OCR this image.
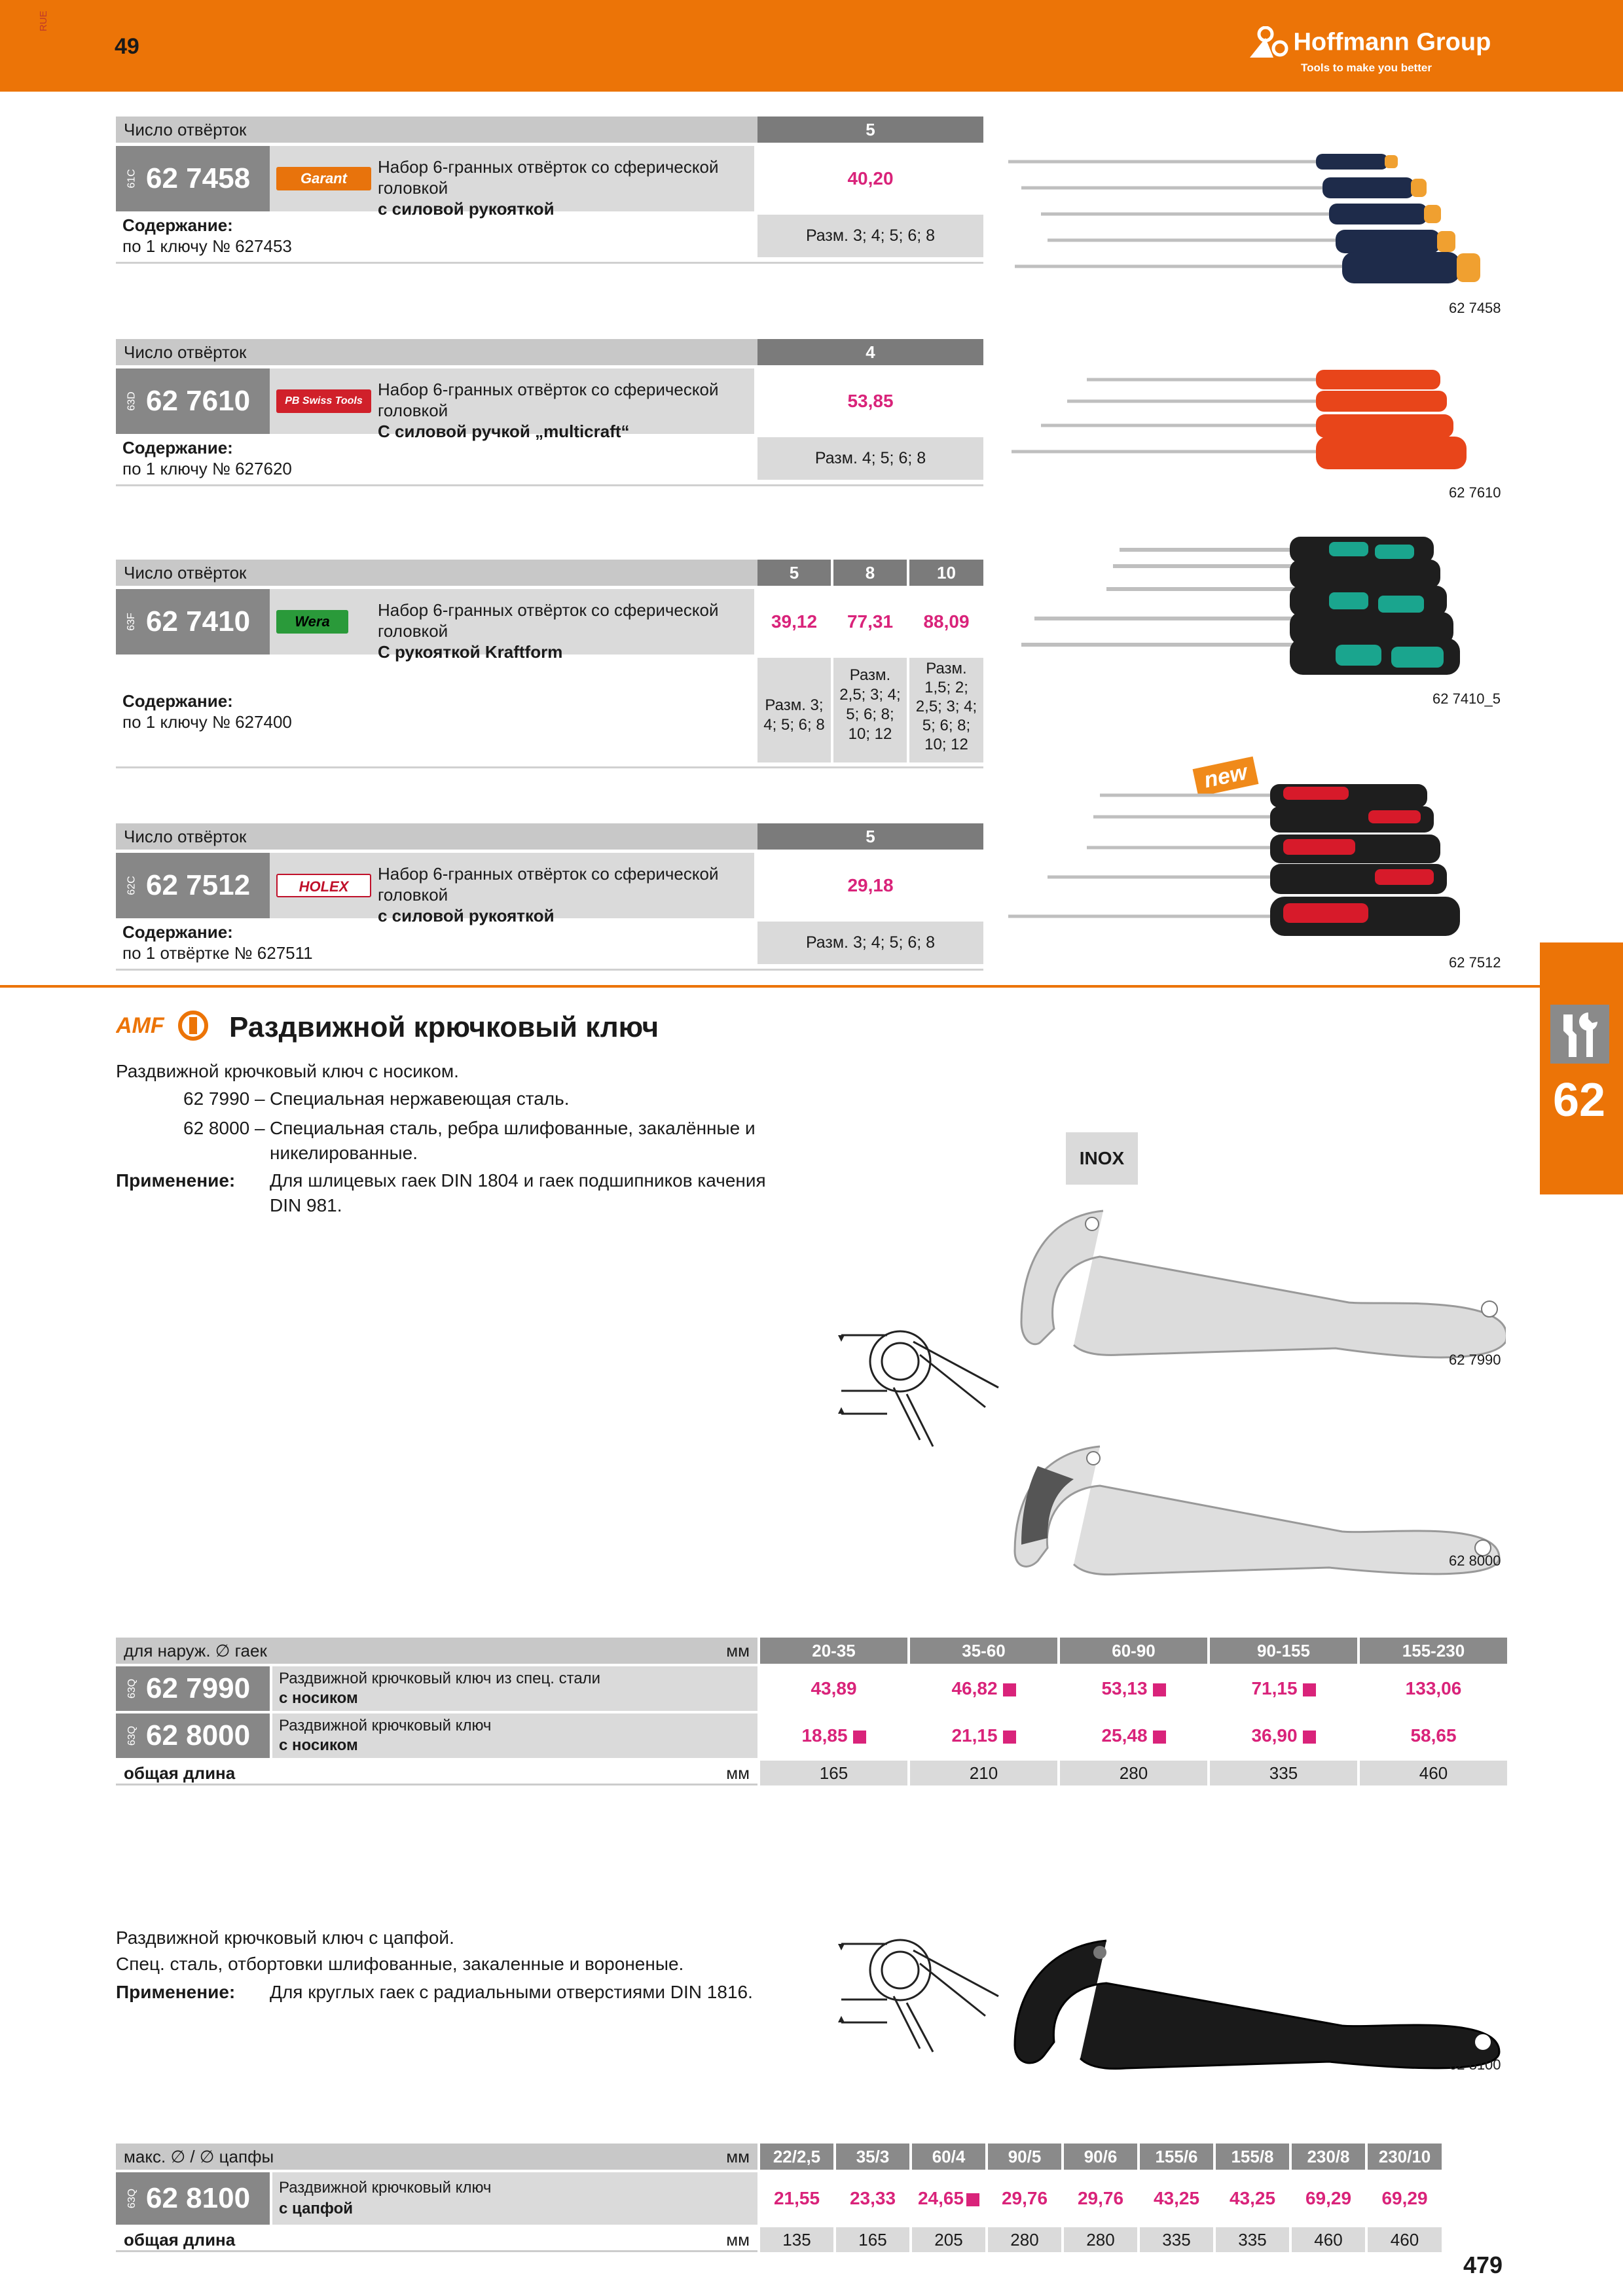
RUE
49	Hoffmann Group
Tools to make you better
Число отвёрток	5
61C 62 7458	Garant
Набор 6-гранных отвёрток со сферической головкой
с силовой рукояткой
40,20
Содержание:
по 1 ключу № 627453
Разм. 3; 4; 5; 6; 8
62 7458
Число отвёрток	4
63D 62 7610	PB Swiss Tools
Набор 6-гранных отвёрток со сферической головкой
С силовой ручкой „multicraft“
53,85
Содержание:
по 1 ключу № 627620
Разм. 4; 5; 6; 8
62 7610
Число отвёрток	5	8	10
63F 62 7410	Wera
Набор 6-гранных отвёрток со сферической головкой
С рукояткой Kraftform
39,12	77,31	88,09
Содержание:
по 1 ключу № 627400
Разм. 3; 4; 5; 6; 8
Разм. 2,5; 3; 4; 5; 6; 8; 10; 12
Разм. 1,5; 2; 2,5; 3; 4; 5; 6; 8; 10; 12
62 7410_5
Число отвёрток	5
62C 62 7512	HOLEX
Набор 6-гранных отвёрток со сферической головкой
с силовой рукояткой
29,18
Содержание:
по 1 отвёртке № 627511
Разм. 3; 4; 5; 6; 8
new
62 7512
62
AMF Раздвижной крючковый ключ
Раздвижной крючковый ключ с носиком.
62 7990 – Специальная нержавеющая сталь.
62 8000 – Специальная сталь, ребра шлифованные, закалённые и
никелированные.
Применение: Для шлицевых гаек DIN 1804 и гаек подшипников качения
DIN 981.
INOX
62 7990
62 8000
для наруж. ∅ гаек	мм	20-35	35-60	60-90	90-155	155-230
63Q 62 7990 Раздвижной крючковый ключ из спец. стали
с носиком	43,89	46,82	53,13	71,15	133,06
63Q 62 8000 Раздвижной крючковый ключ
с носиком	18,85	21,15	25,48	36,90	58,65
общая длина	мм	165	210	280	335	460
Раздвижной крючковый ключ с цапфой.
Спец. сталь, отбортовки шлифованные, закаленные и вороненые.
Применение: Для круглых гаек с радиальными отверстиями DIN 1816.
62 8100
макс. ∅ / ∅ цапфы	мм	22/2,5	35/3	60/4	90/5	90/6	155/6	155/8	230/8	230/10
63Q 62 8100 Раздвижной крючковый ключ
с цапфой
21,55	23,33	24,65	29,76	29,76	43,25	43,25	69,29	69,29
общая длина	мм	135	165	205	280	280	335	335	460	460
479
